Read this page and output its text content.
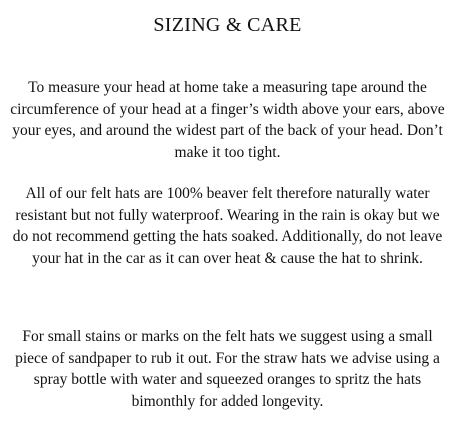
SIZING & CARE

To measure your head at home take a measuring tape around the circumference of your head at a finger’s width above your ears, above your eyes, and around the widest part of the back of your head. Don’t make it too tight.

All of our felt hats are 100% beaver felt therefore naturally water resistant but not fully waterproof. Wearing in the rain is okay but we do not recommend getting the hats soaked. Additionally, do not leave your hat in the car as it can over heat & cause the hat to shrink.

For small stains or marks on the felt hats we suggest using a small piece of sandpaper to rub it out. For the straw hats we advise using a spray bottle with water and squeezed oranges to spritz the hats bimonthly for added longevity.
